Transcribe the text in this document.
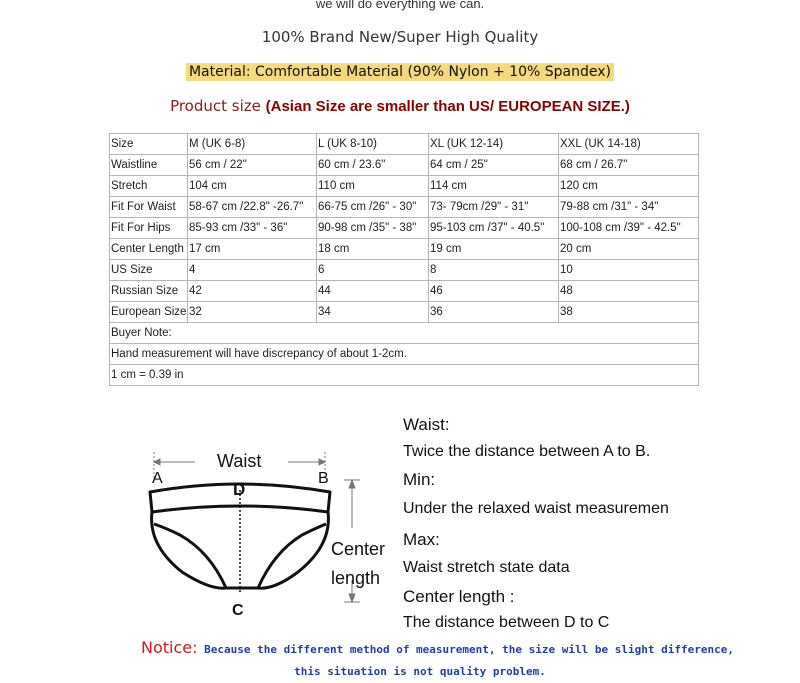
we will do everything we can.
100% Brand New/Super High Quality
Material: Comfortable Material (90% Nylon + 10% Spandex)
Product size (Asian Size are smaller than US/ EUROPEAN SIZE.)
Size	M (UK 6-8)	L (UK 8-10)	XL (UK 12-14)	XXL (UK 14-18)
Waistline	56 cm / 22"	60 cm / 23.6"	64 cm / 25"	68 cm / 26.7"
Stretch	104 cm	110 cm	114 cm	120 cm
Fit For Waist	58-67 cm /22.8" -26.7"	66-75 cm /26" - 30"	73- 79cm /29" - 31"	79-88 cm /31" - 34"
Fit For Hips	85-93 cm /33" - 36"	90-98 cm /35" - 38"	95-103 cm /37" - 40.5"	100-108 cm /39" - 42.5"
Center Length	17 cm	18 cm	19 cm	20 cm
US Size	4	6	8	10
Russian Size	42	44	46	48
European Size	32	34	36	38
Buyer Note:				
Hand measurement will have discrepancy of about 1-2cm.				
1 cm = 0.39 in				
Waist
A	B
D
C
Center
length
Waist:
Twice the distance between A to B.
Min:
Under the relaxed waist measuremen
Max:
Waist stretch state data
Center length :
The distance between D to C
Notice: Because the different method of measurement, the size will be slight difference,
this situation is not quality problem.
